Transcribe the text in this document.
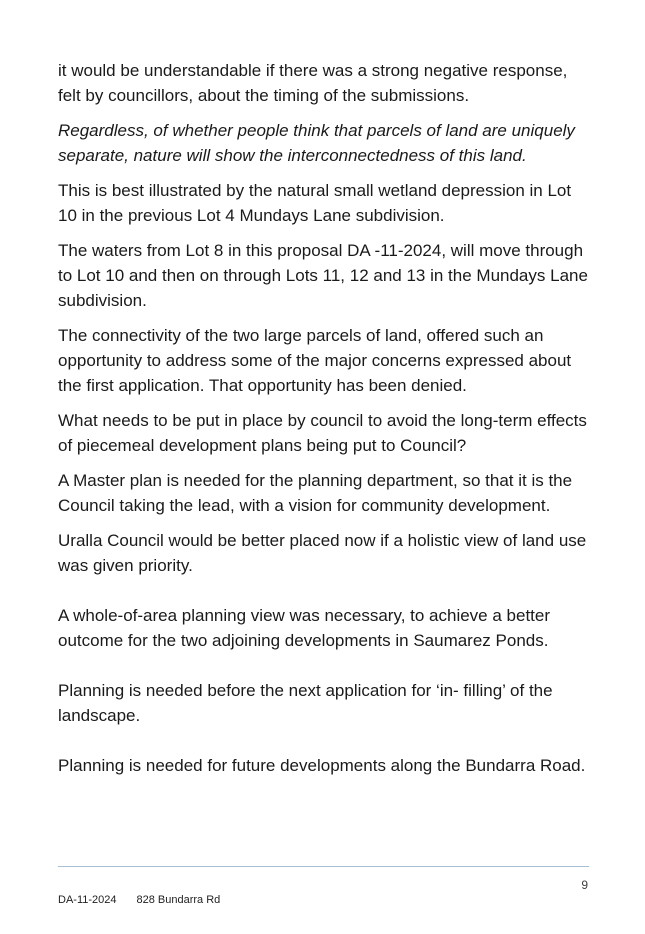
it would be understandable if there was a strong negative response, felt by councillors, about the timing of the submissions.

Regardless, of whether people think that parcels of land are uniquely separate, nature will show the interconnectedness of this land.

This is best illustrated by the natural small wetland depression in Lot 10 in the previous Lot 4 Mundays Lane subdivision.

The waters from Lot 8 in this proposal DA -11-2024, will move through to Lot 10 and then on through Lots 11, 12 and 13 in the Mundays Lane subdivision.

The connectivity of the two large parcels of land, offered such an opportunity to address some of the major concerns expressed about the first application. That opportunity has been denied.

What needs to be put in place by council to avoid the long-term effects of piecemeal development plans being put to Council?

A Master plan is needed for the planning department, so that it is the Council taking the lead, with a vision for community development.

Uralla Council would be better placed now if a holistic view of land use was given priority.

A whole-of-area planning view was necessary, to achieve a better outcome for the two adjoining developments in Saumarez Ponds.

Planning is needed before the next application for ‘in- filling’ of the landscape.

Planning is needed for future developments along the Bundarra Road.

9
DA-11-2024 828 Bundarra Rd
